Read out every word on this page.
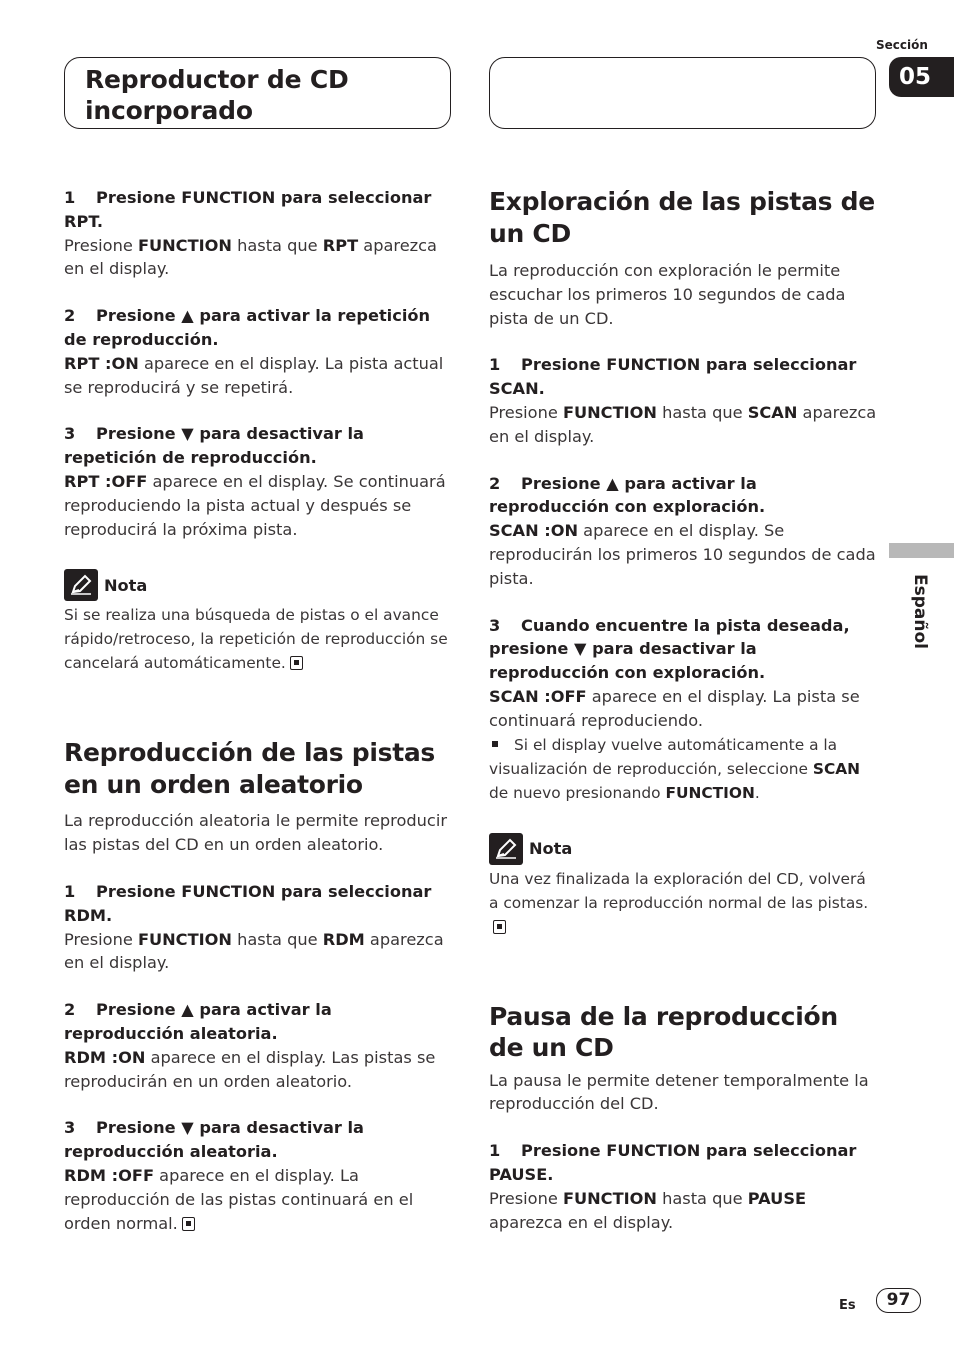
Reproductor de CD incorporado
Sección
05
Español

1 Presione FUNCTION para seleccionar RPT.

Presione FUNCTION hasta que RPT aparezca en el display.

2 Presione ▲ para activar la repetición de reproducción.

RPT :ON aparece en el display. La pista actual se reproducirá y se repetirá.

3 Presione ▼ para desactivar la repetición de reproducción.

RPT :OFF aparece en el display. Se continuará reproduciendo la pista actual y después se reproducirá la próxima pista.

Nota

Si se realiza una búsqueda de pistas o el avance rápido/retroceso, la repetición de reproducción se cancelará automáticamente.

Reproducción de las pistas en un orden aleatorio

La reproducción aleatoria le permite reproducir las pistas del CD en un orden aleatorio.

1 Presione FUNCTION para seleccionar RDM.

Presione FUNCTION hasta que RDM aparezca en el display.

2 Presione ▲ para activar la reproducción aleatoria.

RDM :ON aparece en el display. Las pistas se reproducirán en un orden aleatorio.

3 Presione ▼ para desactivar la reproducción aleatoria.

RDM :OFF aparece en el display. La reproducción de las pistas continuará en el orden normal.

Exploración de las pistas de un CD

La reproducción con exploración le permite escuchar los primeros 10 segundos de cada pista de un CD.

1 Presione FUNCTION para seleccionar SCAN.

Presione FUNCTION hasta que SCAN aparezca en el display.

2 Presione ▲ para activar la reproducción con exploración.

SCAN :ON aparece en el display. Se reproducirán los primeros 10 segundos de cada pista.

3 Cuando encuentre la pista deseada, presione ▼ para desactivar la reproducción con exploración.

SCAN :OFF aparece en el display. La pista se continuará reproduciendo.

Si el display vuelve automáticamente a la visualización de reproducción, seleccione SCAN de nuevo presionando FUNCTION.

Nota

Una vez finalizada la exploración del CD, volverá a comenzar la reproducción normal de las pistas.

Pausa de la reproducción de un CD

La pausa le permite detener temporalmente la reproducción del CD.

1 Presione FUNCTION para seleccionar PAUSE.

Presione FUNCTION hasta que PAUSE aparezca en el display.

Es	97
